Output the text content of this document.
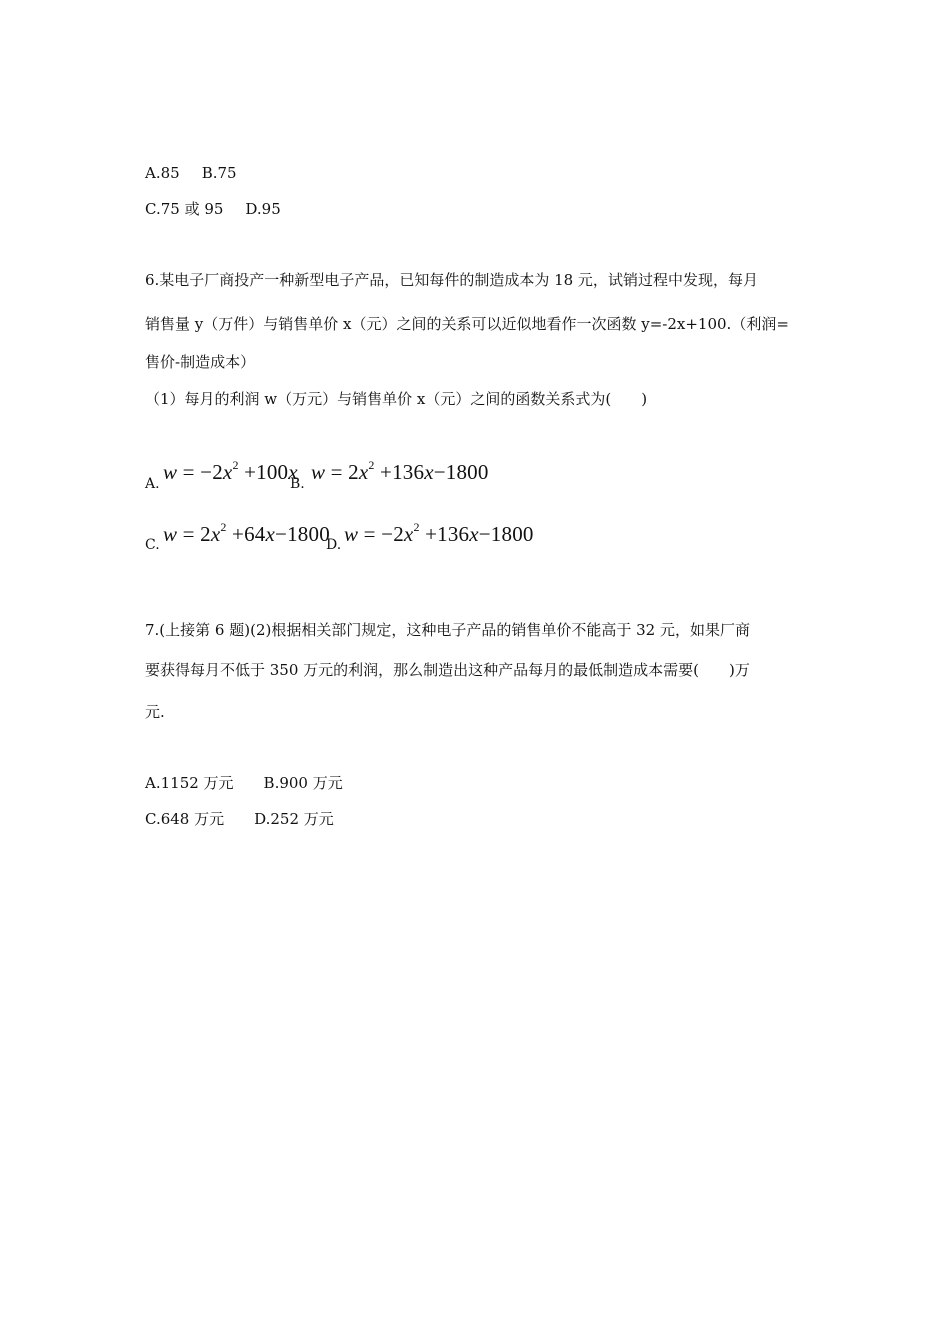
A.85 B.75
C.75 或 95 D.95
6.某电子厂商投产一种新型电子产品，已知每件的制造成本为 18 元，试销过程中发现，每月
销售量 y（万件）与销售单价 x（元）之间的关系可以近似地看作一次函数 y=-2x+100.（利润=
售价-制造成本）
（1）每月的利润 w（万元）与销售单价 x（元）之间的函数关系式为(　　)
A. $w = -2x^2 +100x$
B. $w = 2x^2 +136x-1800$
C. $w = 2x^2 +64x-1800$
D. $w = -2x^2 +136x-1800$
7.(上接第 6 题)(2)根据相关部门规定，这种电子产品的销售单价不能高于 32 元，如果厂商
要获得每月不低于 350 万元的利润，那么制造出这种产品每月的最低制造成本需要(　　)万
元.
A.1152 万元 B.900 万元
C.648 万元 D.252 万元
